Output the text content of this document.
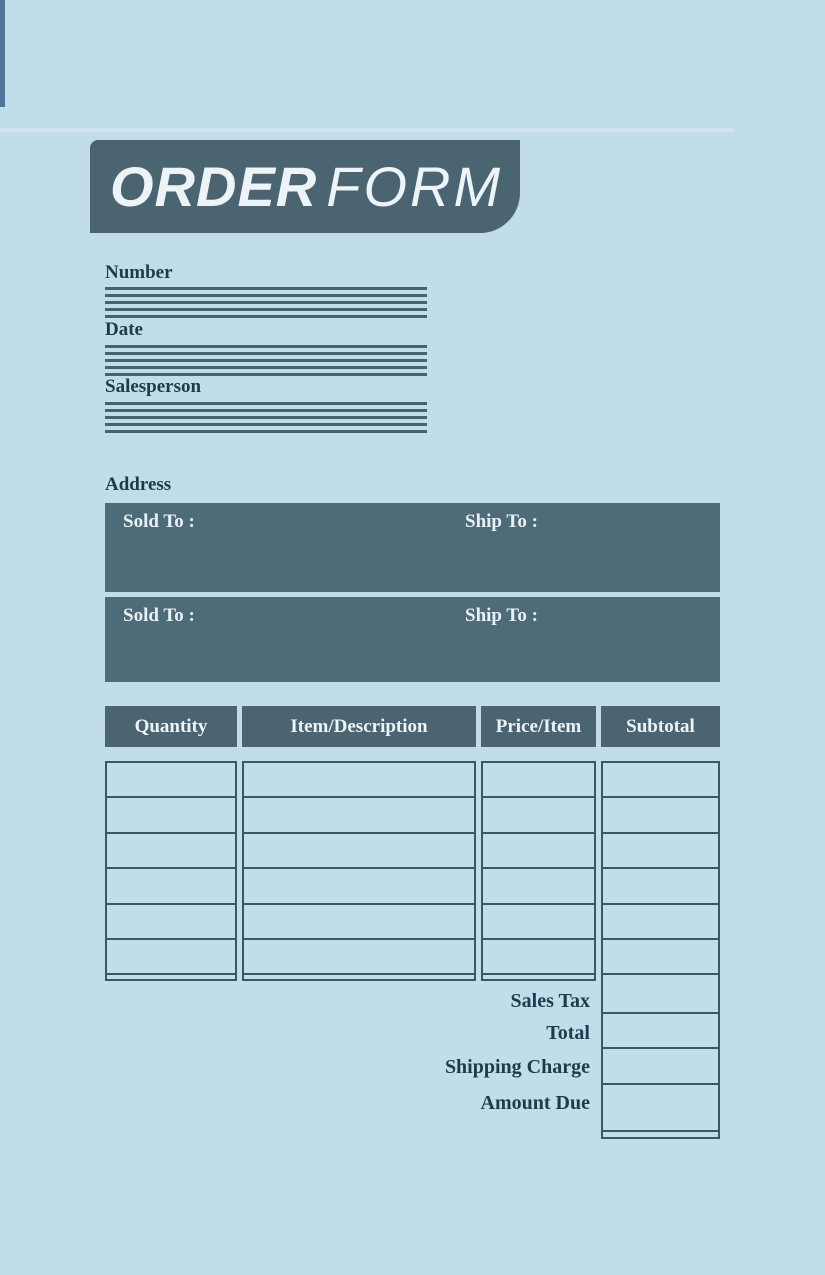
ORDER FORM
Number
Date
Salesperson
Address
Sold To :	Ship To :
Sold To :	Ship To :
Quantity	Item/Description	Price/Item	Subtotal
Sales Tax
Total
Shipping Charge
Amount Due
